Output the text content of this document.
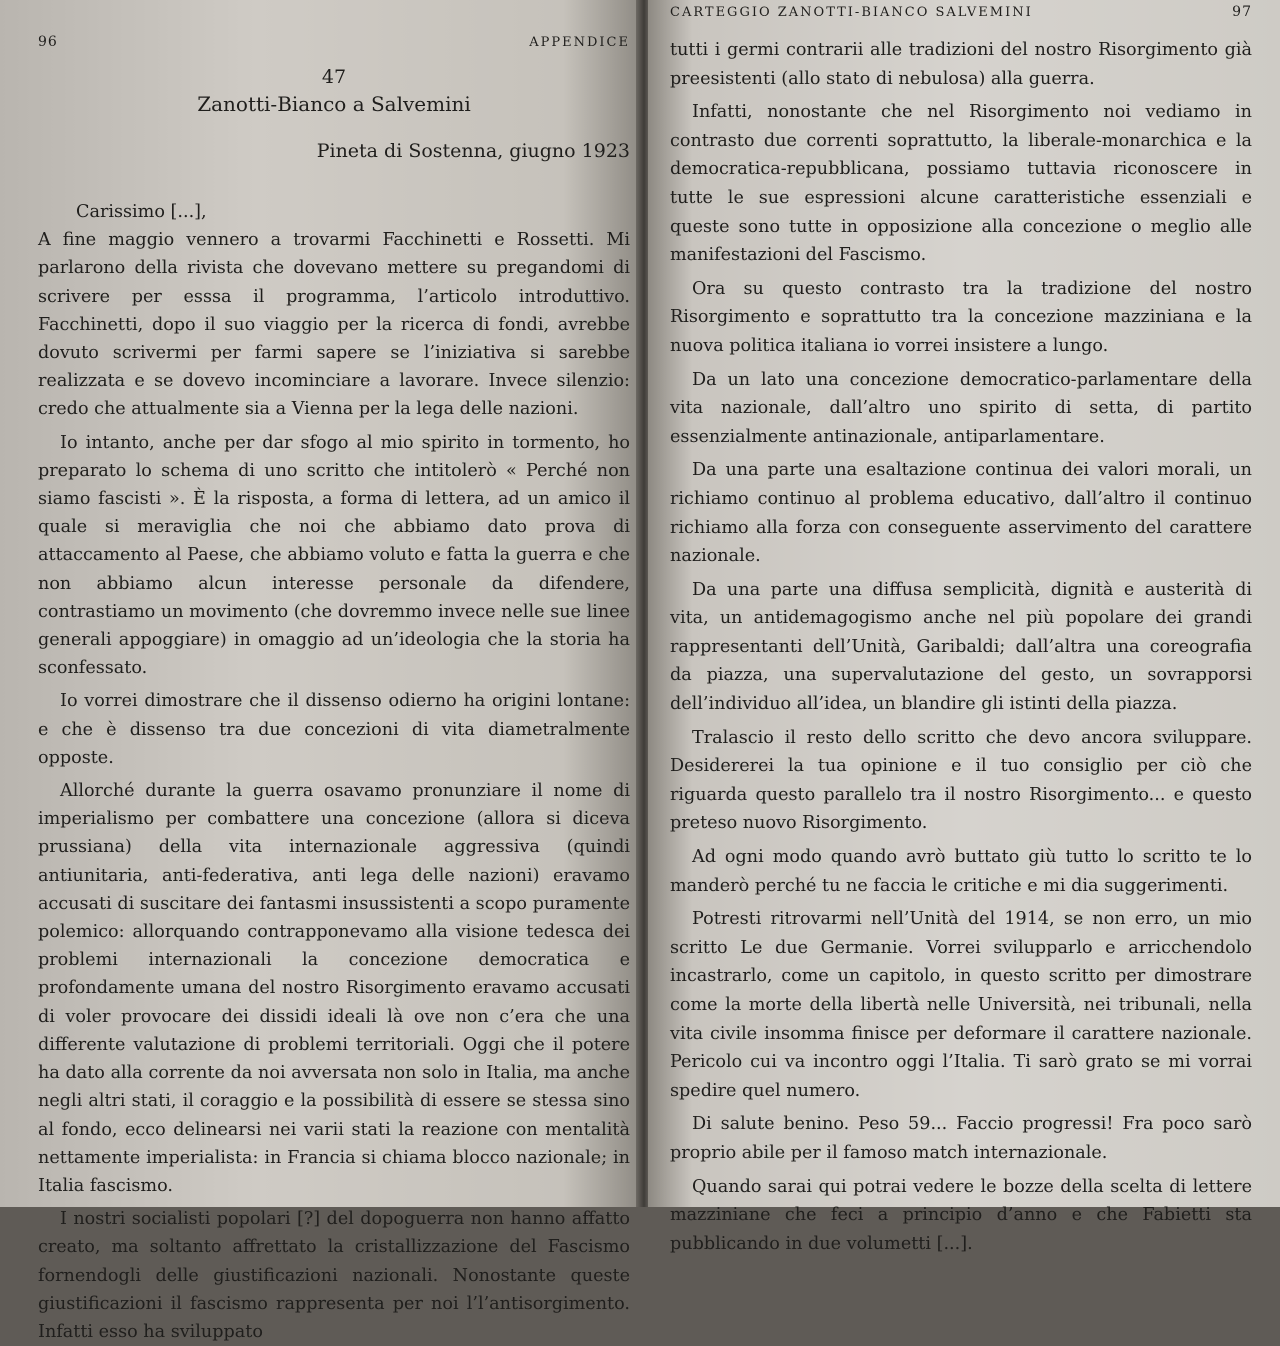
96	APPENDICE
47
Zanotti-Bianco a Salvemini
Pineta di Sostenna, giugno 1923

Carissimo [...],

A fine maggio vennero a trovarmi Facchinetti e Rossetti. Mi parlarono della rivista che dovevano mettere su pregandomi di scrivere per esssa il programma, l’articolo introduttivo. Facchinetti, dopo il suo viaggio per la ricerca di fondi, avrebbe dovuto scrivermi per farmi sapere se l’iniziativa si sarebbe realizzata e se dovevo incominciare a lavorare. Invece silenzio: credo che attualmente sia a Vienna per la lega delle nazioni.

Io intanto, anche per dar sfogo al mio spirito in tormento, ho preparato lo schema di uno scritto che intitolerò « Perché non siamo fascisti ». È la risposta, a forma di lettera, ad un amico il quale si meraviglia che noi che abbiamo dato prova di attaccamento al Paese, che abbiamo voluto e fatta la guerra e che non abbiamo alcun interesse personale da difendere, contrastiamo un movimento (che dovremmo invece nelle sue linee generali appoggiare) in omaggio ad un’ideologia che la storia ha sconfessato.

Io vorrei dimostrare che il dissenso odierno ha origini lontane: e che è dissenso tra due concezioni di vita diametralmente opposte.

Allorché durante la guerra osavamo pronunziare il nome di imperialismo per combattere una concezione (allora si diceva prussiana) della vita internazionale aggressiva (quindi antiunitaria, anti-federativa, anti lega delle nazioni) eravamo accusati di suscitare dei fantasmi insussistenti a scopo puramente polemico: allorquando contrapponevamo alla visione tedesca dei problemi internazionali la concezione democratica e profondamente umana del nostro Risorgimento eravamo accusati di voler provocare dei dissidi ideali là ove non c’era che una differente valutazione di problemi territoriali. Oggi che il potere ha dato alla corrente da noi avversata non solo in Italia, ma anche negli altri stati, il coraggio e la possibilità di essere se stessa sino al fondo, ecco delinearsi nei varii stati la reazione con mentalità nettamente imperialista: in Francia si chiama blocco nazionale; in Italia fascismo.

I nostri socialisti popolari [?] del dopoguerra non hanno affatto creato, ma soltanto affrettato la cristallizzazione del Fascismo fornendogli delle giustificazioni nazionali. Nonostante queste giustificazioni il fascismo rappresenta per noi l’l’antisorgimento. Infatti esso ha sviluppato

CARTEGGIO ZANOTTI-BIANCO SALVEMINI	97

tutti i germi contrarii alle tradizioni del nostro Risorgimento già preesistenti (allo stato di nebulosa) alla guerra.

Infatti, nonostante che nel Risorgimento noi vediamo in contrasto due correnti soprattutto, la liberale-monarchica e la democratica-repubblicana, possiamo tuttavia riconoscere in tutte le sue espressioni alcune caratteristiche essenziali e queste sono tutte in opposizione alla concezione o meglio alle manifestazioni del Fascismo.

Ora su questo contrasto tra la tradizione del nostro Risorgimento e soprattutto tra la concezione mazziniana e la nuova politica italiana io vorrei insistere a lungo.

Da un lato una concezione democratico-parlamentare della vita nazionale, dall’altro uno spirito di setta, di partito essenzialmente antinazionale, antiparlamentare.

Da una parte una esaltazione continua dei valori morali, un richiamo continuo al problema educativo, dall’altro il continuo richiamo alla forza con conseguente asservimento del carattere nazionale.

Da una parte una diffusa semplicità, dignità e austerità di vita, un antidemagogismo anche nel più popolare dei grandi rappresentanti dell’Unità, Garibaldi; dall’altra una coreografia da piazza, una supervalutazione del gesto, un sovrapporsi dell’individuo all’idea, un blandire gli istinti della piazza.

Tralascio il resto dello scritto che devo ancora sviluppare. Desidererei la tua opinione e il tuo consiglio per ciò che riguarda questo parallelo tra il nostro Risorgimento... e questo preteso nuovo Risorgimento.

Ad ogni modo quando avrò buttato giù tutto lo scritto te lo manderò perché tu ne faccia le critiche e mi dia suggerimenti.

Potresti ritrovarmi nell’Unità del 1914, se non erro, un mio scritto Le due Germanie. Vorrei svilupparlo e arricchendolo incastrarlo, come un capitolo, in questo scritto per dimostrare come la morte della libertà nelle Università, nei tribunali, nella vita civile insomma finisce per deformare il carattere nazionale. Pericolo cui va incontro oggi l’Italia. Ti sarò grato se mi vorrai spedire quel numero.

Di salute benino. Peso 59... Faccio progressi! Fra poco sarò proprio abile per il famoso match internazionale.

Quando sarai qui potrai vedere le bozze della scelta di lettere mazziniane che feci a principio d’anno e che Fabietti sta pubblicando in due volumetti [...].
